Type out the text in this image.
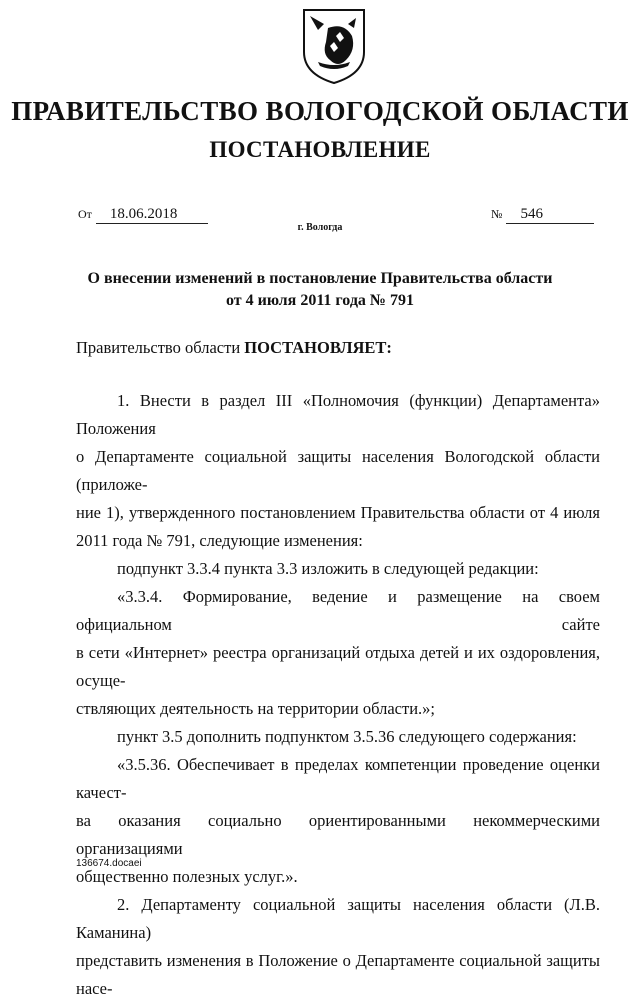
ПРАВИТЕЛЬСТВО ВОЛОГОДСКОЙ ОБЛАСТИ
ПОСТАНОВЛЕНИЕ
От 18.06.2018	№ 546
г. Вологда
О внесении изменений в постановление Правительства области
от 4 июля 2011 года № 791
Правительство области ПОСТАНОВЛЯЕТ:

1. Внести в раздел III «Полномочия (функции) Департамента» Положения

о Департаменте социальной защиты населения Вологодской области (приложе-

ние 1), утвержденного постановлением Правительства области от 4 июля

2011 года № 791, следующие изменения:

подпункт 3.3.4 пункта 3.3 изложить в следующей редакции:

«3.3.4. Формирование, ведение и размещение на своем официальном сайте

в сети «Интернет» реестра организаций отдыха детей и их оздоровления, осуще-

ствляющих деятельность на территории области.»;

пункт 3.5 дополнить подпунктом 3.5.36 следующего содержания:

«3.5.36. Обеспечивает в пределах компетенции проведение оценки качест-

ва оказания социально ориентированными некоммерческими организациями

общественно полезных услуг.».

2. Департаменту социальной защиты населения области (Л.В. Каманина)

представить изменения в Положение о Департаменте социальной защиты насе-

136674.docaei
